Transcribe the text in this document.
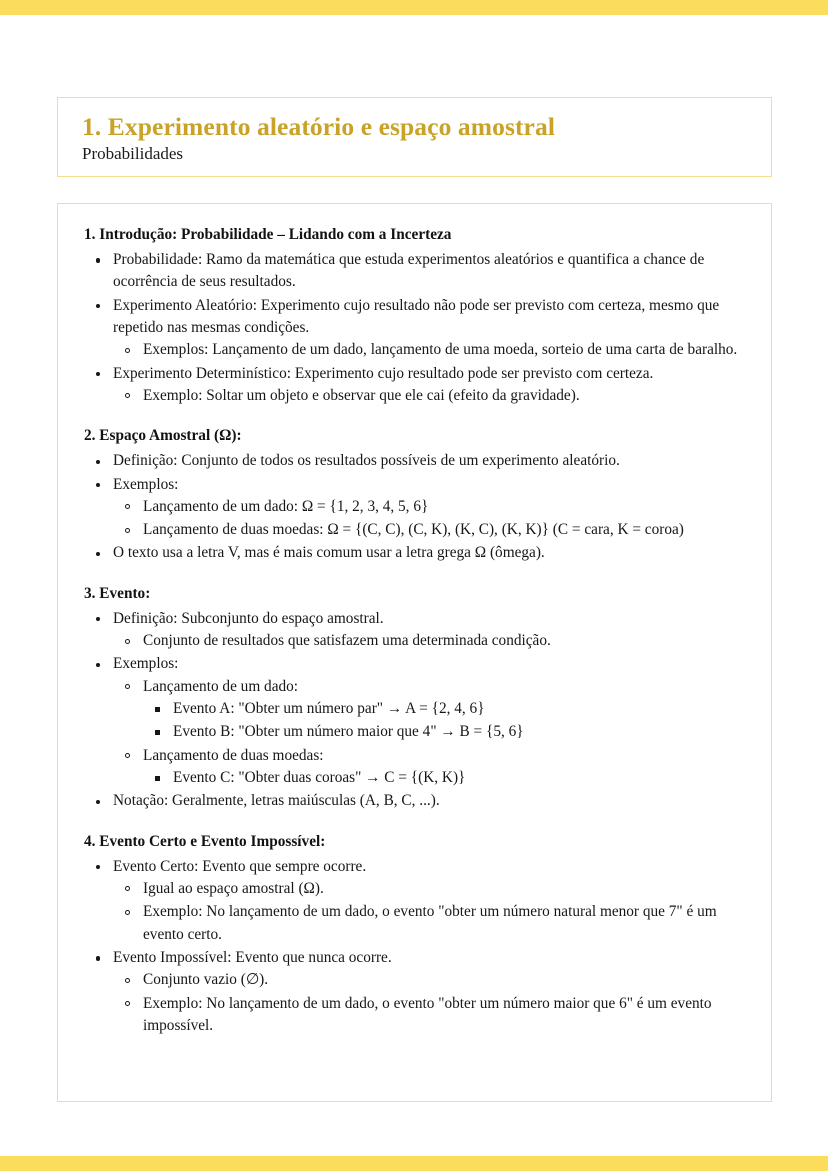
1. Experimento aleatório e espaço amostral
Probabilidades
1. Introdução: Probabilidade – Lidando com a Incerteza
Probabilidade: Ramo da matemática que estuda experimentos aleatórios e quantifica a chance de ocorrência de seus resultados.
Experimento Aleatório: Experimento cujo resultado não pode ser previsto com certeza, mesmo que repetido nas mesmas condições.
Exemplos: Lançamento de um dado, lançamento de uma moeda, sorteio de uma carta de baralho.
Experimento Determinístico: Experimento cujo resultado pode ser previsto com certeza.
Exemplo: Soltar um objeto e observar que ele cai (efeito da gravidade).
2. Espaço Amostral (Ω):
Definição: Conjunto de todos os resultados possíveis de um experimento aleatório.
Exemplos:
Lançamento de um dado: Ω = {1, 2, 3, 4, 5, 6}
Lançamento de duas moedas: Ω = {(C, C), (C, K), (K, C), (K, K)} (C = cara, K = coroa)
O texto usa a letra V, mas é mais comum usar a letra grega Ω (ômega).
3. Evento:
Definição: Subconjunto do espaço amostral.
Conjunto de resultados que satisfazem uma determinada condição.
Exemplos:
Lançamento de um dado:
Evento A: "Obter um número par" → A = {2, 4, 6}
Evento B: "Obter um número maior que 4" → B = {5, 6}
Lançamento de duas moedas:
Evento C: "Obter duas coroas" → C = {(K, K)}
Notação: Geralmente, letras maiúsculas (A, B, C, ...).
4. Evento Certo e Evento Impossível:
Evento Certo: Evento que sempre ocorre.
Igual ao espaço amostral (Ω).
Exemplo: No lançamento de um dado, o evento "obter um número natural menor que 7" é um evento certo.
Evento Impossível: Evento que nunca ocorre.
Conjunto vazio (∅).
Exemplo: No lançamento de um dado, o evento "obter um número maior que 6" é um evento impossível.
